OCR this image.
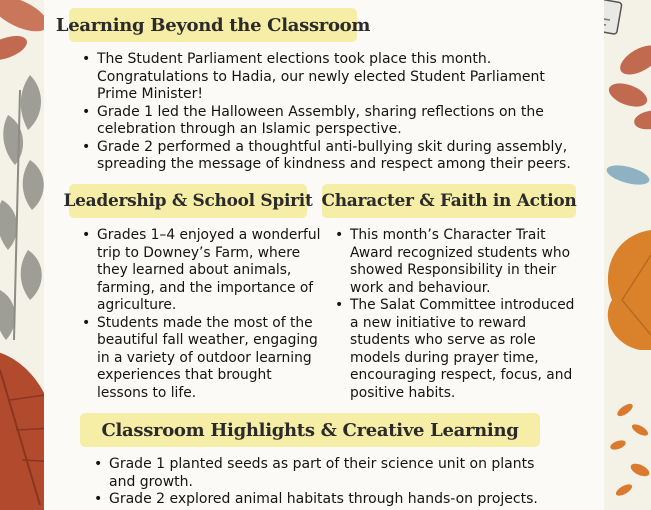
Learning Beyond the Classroom
• The Student Parliament elections took place this month. Congratulations to Hadia, our newly elected Student Parliament Prime Minister!
• Grade 1 led the Halloween Assembly, sharing reflections on the celebration through an Islamic perspective.
• Grade 2 performed a thoughtful anti-bullying skit during assembly, spreading the message of kindness and respect among their peers.
Leadership & School Spirit
• Grades 1–4 enjoyed a wonderful trip to Downey’s Farm, where they learned about animals, farming, and the importance of agriculture.
• Students made the most of the beautiful fall weather, engaging in a variety of outdoor learning experiences that brought lessons to life.
Character & Faith in Action
• This month’s Character Trait Award recognized students who showed Responsibility in their work and behaviour.
• The Salat Committee introduced a new initiative to reward students who serve as role models during prayer time, encouraging respect, focus, and positive habits.
Classroom Highlights & Creative Learning
• Grade 1 planted seeds as part of their science unit on plants and growth.
• Grade 2 explored animal habitats through hands-on projects.
